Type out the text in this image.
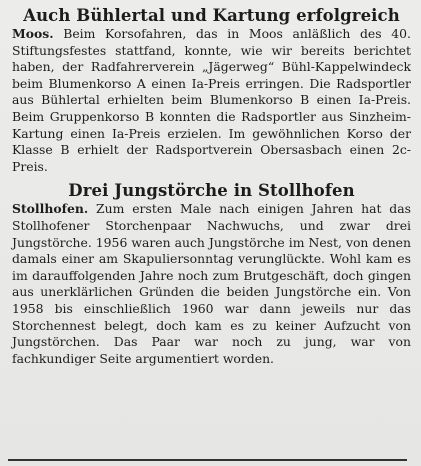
Auch Bühlertal und Kartung erfolgreich

Moos. Beim Korsofahren, das in Moos anläßlich des 40. Stiftungsfestes stattfand, konnte, wie wir bereits berichtet haben, der Radfahrerverein „Jägerweg“ Bühl-Kappelwindeck beim Blumenkorso A einen Ia-Preis erringen. Die Radsportler aus Bühlertal erhielten beim Blumenkorso B einen Ia-Preis. Beim Gruppenkorso B konnten die Radsportler aus Sinzheim-Kartung einen Ia-Preis erzielen. Im gewöhnlichen Korso der Klasse B erhielt der Radsportverein Obersasbach einen 2c-Preis.

Drei Jungstörche in Stollhofen

Stollhofen. Zum ersten Male nach einigen Jahren hat das Stollhofener Storchenpaar Nachwuchs, und zwar drei Jungstörche. 1956 waren auch Jungstörche im Nest, von denen damals einer am Skapuliersonntag verunglückte. Wohl kam es im darauffolgenden Jahre noch zum Brutgeschäft, doch gingen aus unerklärlichen Gründen die beiden Jungstörche ein. Von 1958 bis einschließlich 1960 war dann jeweils nur das Storchennest belegt, doch kam es zu keiner Aufzucht von Jungstörchen. Das Paar war noch zu jung, war von fachkundiger Seite argumentiert worden.
